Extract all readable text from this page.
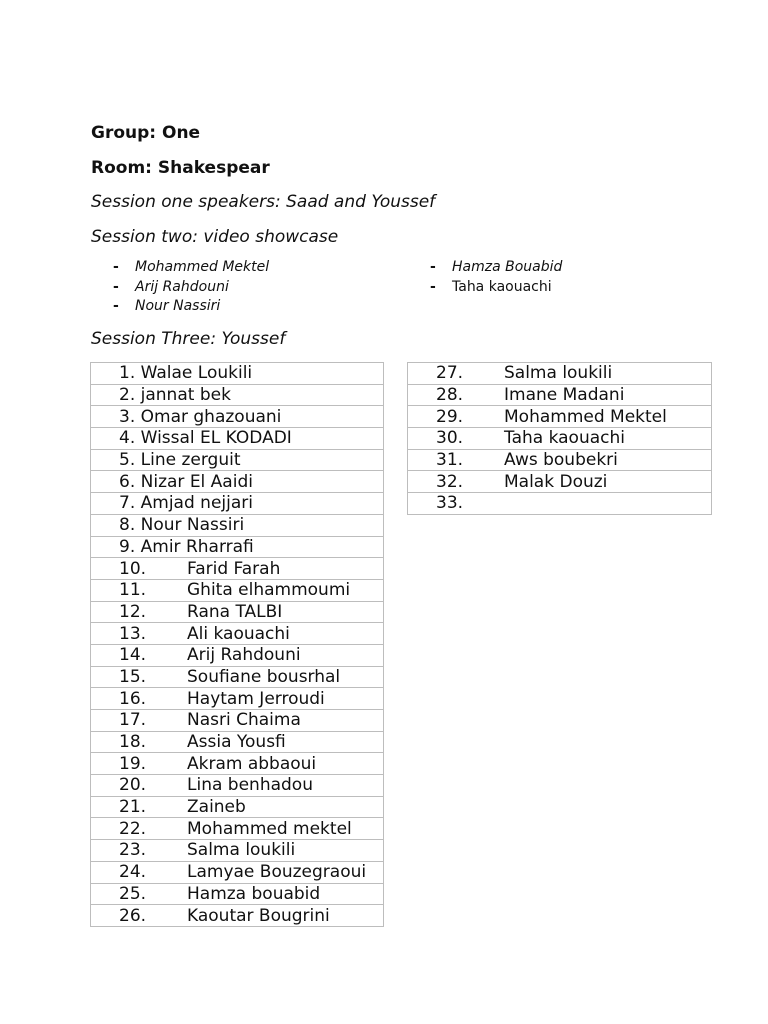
Group: One
Room: Shakespear
Session one speakers: Saad and Youssef
Session two: video showcase
- Mohammed Mektel
- Arij Rahdouni
- Nour Nassiri
- Hamza Bouabid
- Taha kaouachi
Session Three: Youssef
1. Walae Loukili
2. jannat bek
3. Omar ghazouani
4. Wissal EL KODADI
5. Line zerguit
6. Nizar El Aaidi
7. Amjad nejjari
8. Nour Nassiri
9. Amir Rharrafi
10. Farid Farah
11. Ghita elhammoumi
12. Rana TALBI
13. Ali kaouachi
14. Arij Rahdouni
15. Soufiane bousrhal
16. Haytam Jerroudi
17. Nasri Chaima
18. Assia Yousfi
19. Akram abbaoui
20. Lina benhadou
21. Zaineb
22. Mohammed mektel
23. Salma loukili
24. Lamyae Bouzegraoui
25. Hamza bouabid
26. Kaoutar Bougrini
27. Salma loukili
28. Imane Madani
29. Mohammed Mektel
30. Taha kaouachi
31. Aws boubekri
32. Malak Douzi
33.
